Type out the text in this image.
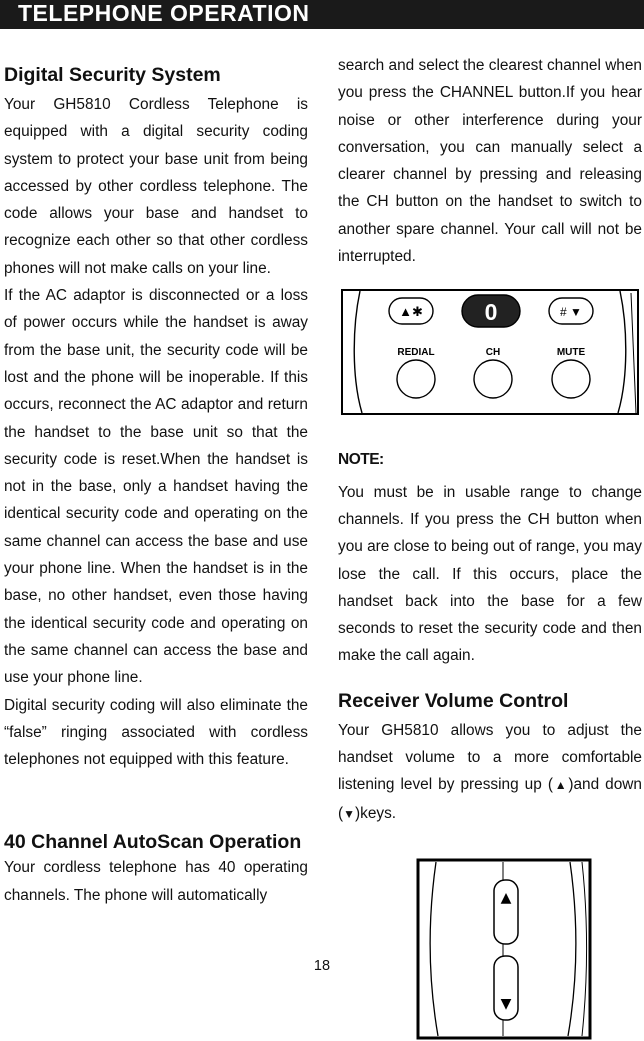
TELEPHONE OPERATION
Digital Security System

Your GH5810 Cordless Telephone is equipped with a digital security coding system to protect your base unit from being accessed by other cordless telephone. The code allows your base and handset to recognize each other so that other cordless phones will not make calls on your line.

If the AC adaptor is disconnected or a loss of power occurs while the handset is away from the base unit, the security code will be lost and the phone will be inoperable. If this occurs, reconnect the AC adaptor and return the handset to the base unit so that the security code is reset.When the handset is not in the base, only a handset having the identical security code and operating on the same channel can access the base and use your phone line. When the handset is in the base, no other handset, even those having the identical security code and operating on the same channel can access the base and use your phone line.

Digital security coding will also eliminate the “false” ringing associated with cordless telephones not equipped with this feature.

40 Channel AutoScan Operation

Your cordless telephone has 40 operating channels. The phone will automatically

search and select the clearest channel when you press the CHANNEL button.If you hear noise or other interference during your conversation, you can manually select a clearer channel by pressing and releasing the CH button on the handset to switch to another spare channel. Your call will not be interrupted.

▲✱	0	# ▼
REDIAL	CH	MUTE
NOTE:

You must be in usable range to change channels. If you press the CH button when you are close to being out of range, you may lose the call. If this occurs, place the handset back into the base for a few seconds to reset the security code and then make the call again.

Receiver Volume Control

Your GH5810 allows you to adjust the handset volume to a more comfortable listening level by pressing up (▲)and down (▼)keys.

▲
▼
18
